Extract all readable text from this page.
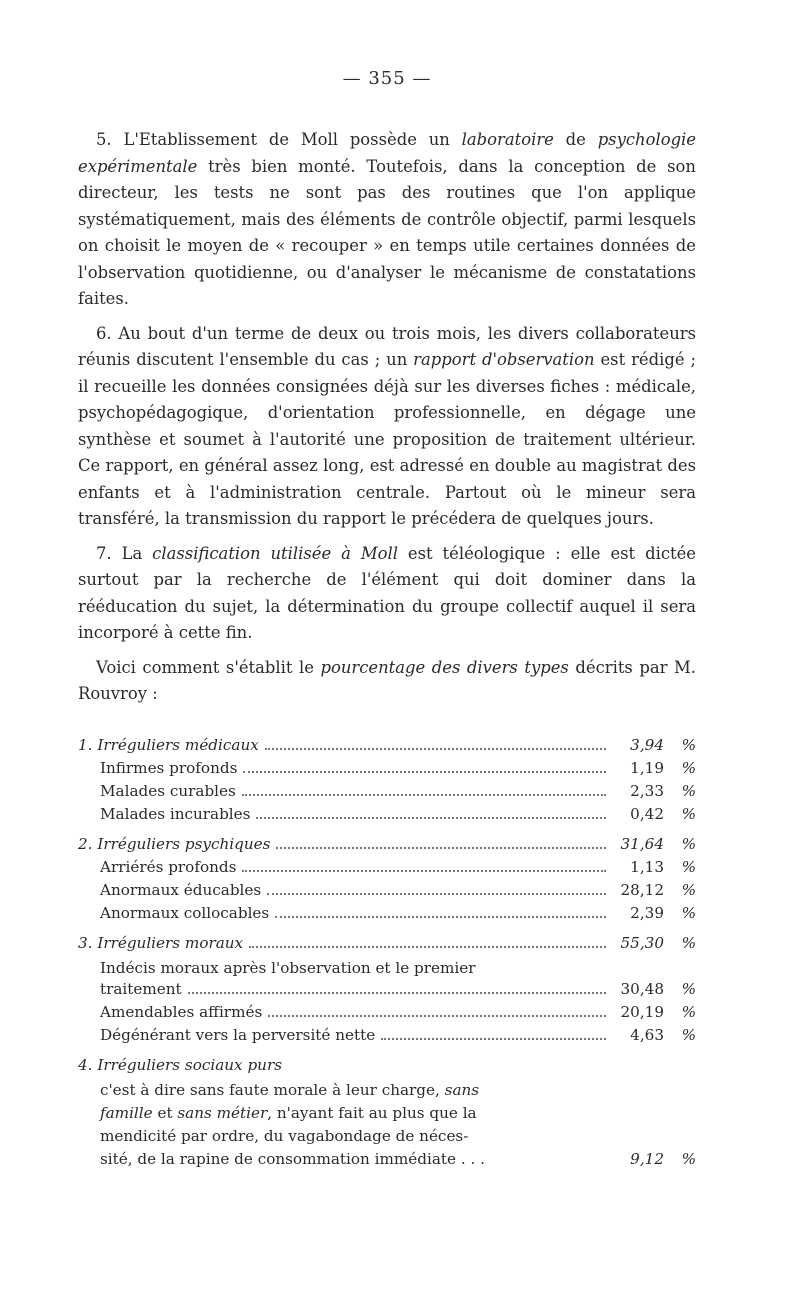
— 355 —

5. L'Etablissement de Moll possède un laboratoire de psychologie expérimentale très bien monté. Toutefois, dans la conception de son directeur, les tests ne sont pas des routines que l'on applique systématiquement, mais des éléments de contrôle objectif, parmi lesquels on choisit le moyen de « recouper » en temps utile certaines données de l'observation quotidienne, ou d'analyser le mécanisme de constatations faites.

6. Au bout d'un terme de deux ou trois mois, les divers collaborateurs réunis discutent l'ensemble du cas ; un rapport d'observation est rédigé ; il recueille les données consignées déjà sur les diverses fiches : médicale, psychopédagogique, d'orientation professionnelle, en dégage une synthèse et soumet à l'autorité une proposition de traitement ultérieur. Ce rapport, en général assez long, est adressé en double au magistrat des enfants et à l'administration centrale. Partout où le mineur sera transféré, la transmission du rapport le précédera de quelques jours.

7. La classification utilisée à Moll est téléologique : elle est dictée surtout par la recherche de l'élément qui doit dominer dans la rééducation du sujet, la détermination du groupe collectif auquel il sera incorporé à cette fin.

Voici comment s'établit le pourcentage des divers types décrits par M. Rouvroy :

1. Irréguliers médicaux	3,94	%
Infirmes profonds	1,19	%
Malades curables	2,33	%
Malades incurables	0,42	%
2. Irréguliers psychiques	31,64	%
Arriérés profonds	1,13	%
Anormaux éducables	28,12	%
Anormaux collocables	2,39	%
3. Irréguliers moraux	55,30	%
Indécis moraux après l'observation et le premier
traitement	30,48	%
Amendables affirmés	20,19	%
Dégénérant vers la perversité nette	4,63	%
4. Irréguliers sociaux purs
c'est à dire sans faute morale à leur charge, sans
famille et sans métier, n'ayant fait au plus que la
mendicité par ordre, du vagabondage de néces-
sité, de la rapine de consommation immédiate . . .	9,12	%
